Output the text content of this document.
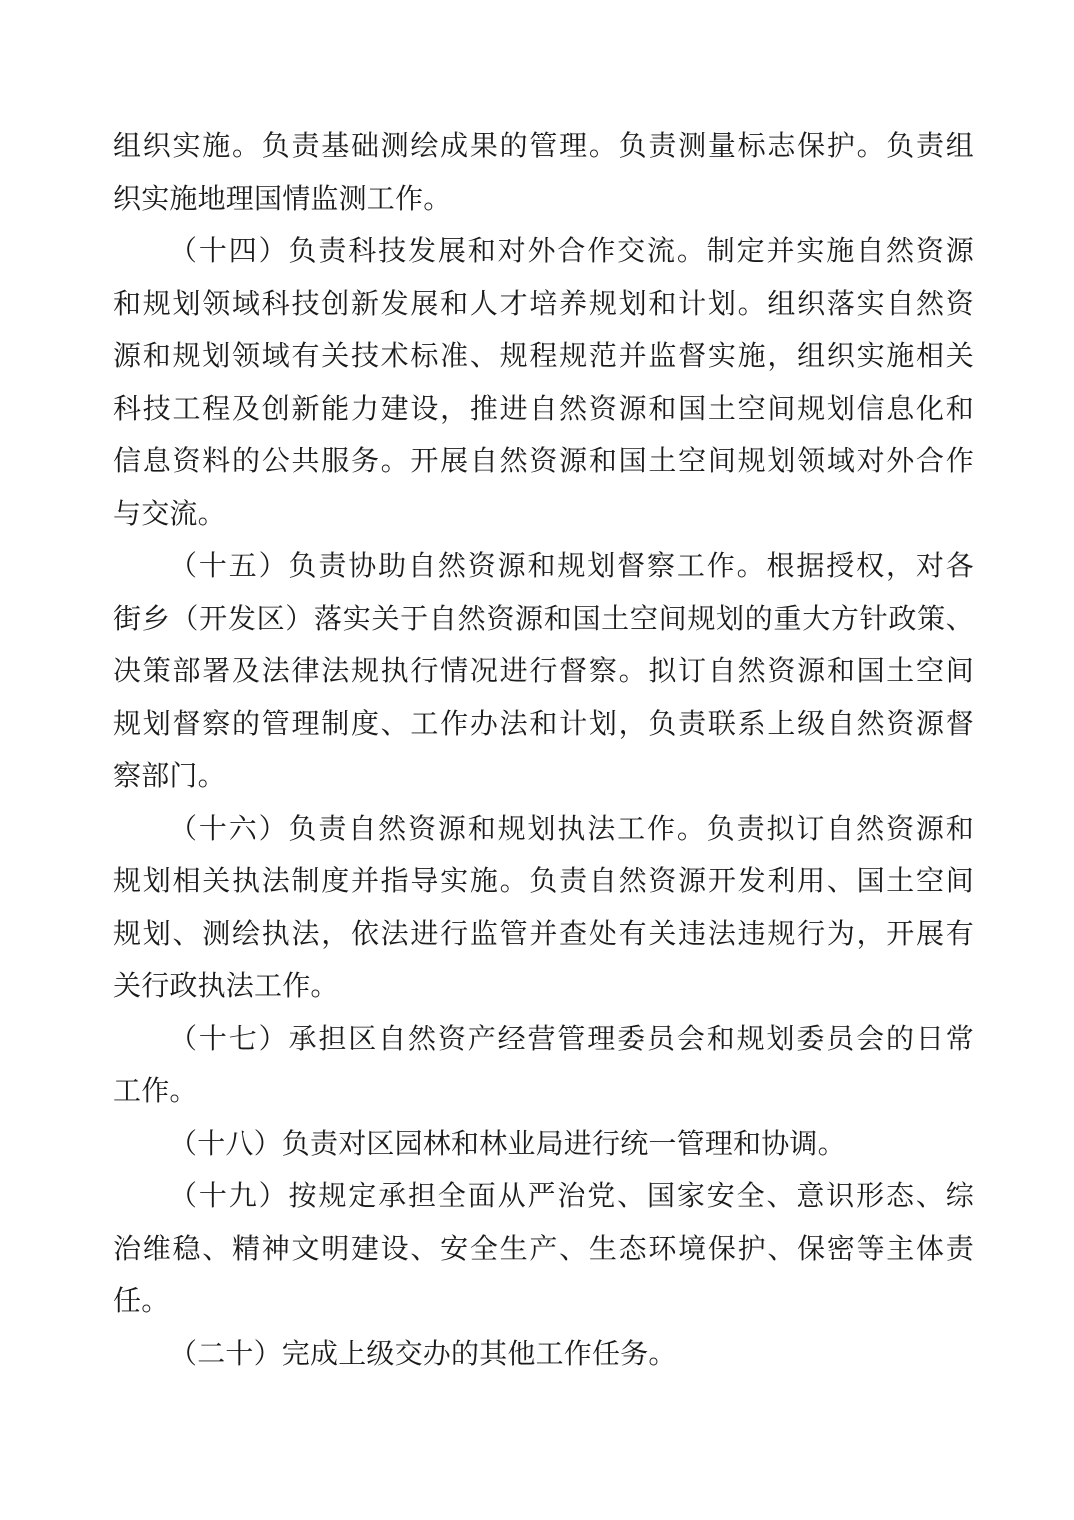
组织实施。负责基础测绘成果的管理。负责测量标志保护。负责组
织实施地理国情监测工作。
（十四）负责科技发展和对外合作交流。制定并实施自然资源
和规划领域科技创新发展和人才培养规划和计划。组织落实自然资
源和规划领域有关技术标准、规程规范并监督实施，组织实施相关
科技工程及创新能力建设，推进自然资源和国土空间规划信息化和
信息资料的公共服务。开展自然资源和国土空间规划领域对外合作
与交流。
（十五）负责协助自然资源和规划督察工作。根据授权，对各
街乡（开发区）落实关于自然资源和国土空间规划的重大方针政策、
决策部署及法律法规执行情况进行督察。拟订自然资源和国土空间
规划督察的管理制度、工作办法和计划，负责联系上级自然资源督
察部门。
（十六）负责自然资源和规划执法工作。负责拟订自然资源和
规划相关执法制度并指导实施。负责自然资源开发利用、国土空间
规划、测绘执法，依法进行监管并查处有关违法违规行为，开展有
关行政执法工作。
（十七）承担区自然资产经营管理委员会和规划委员会的日常
工作。
（十八）负责对区园林和林业局进行统一管理和协调。
（十九）按规定承担全面从严治党、国家安全、意识形态、综
治维稳、精神文明建设、安全生产、生态环境保护、保密等主体责
任。
（二十）完成上级交办的其他工作任务。
